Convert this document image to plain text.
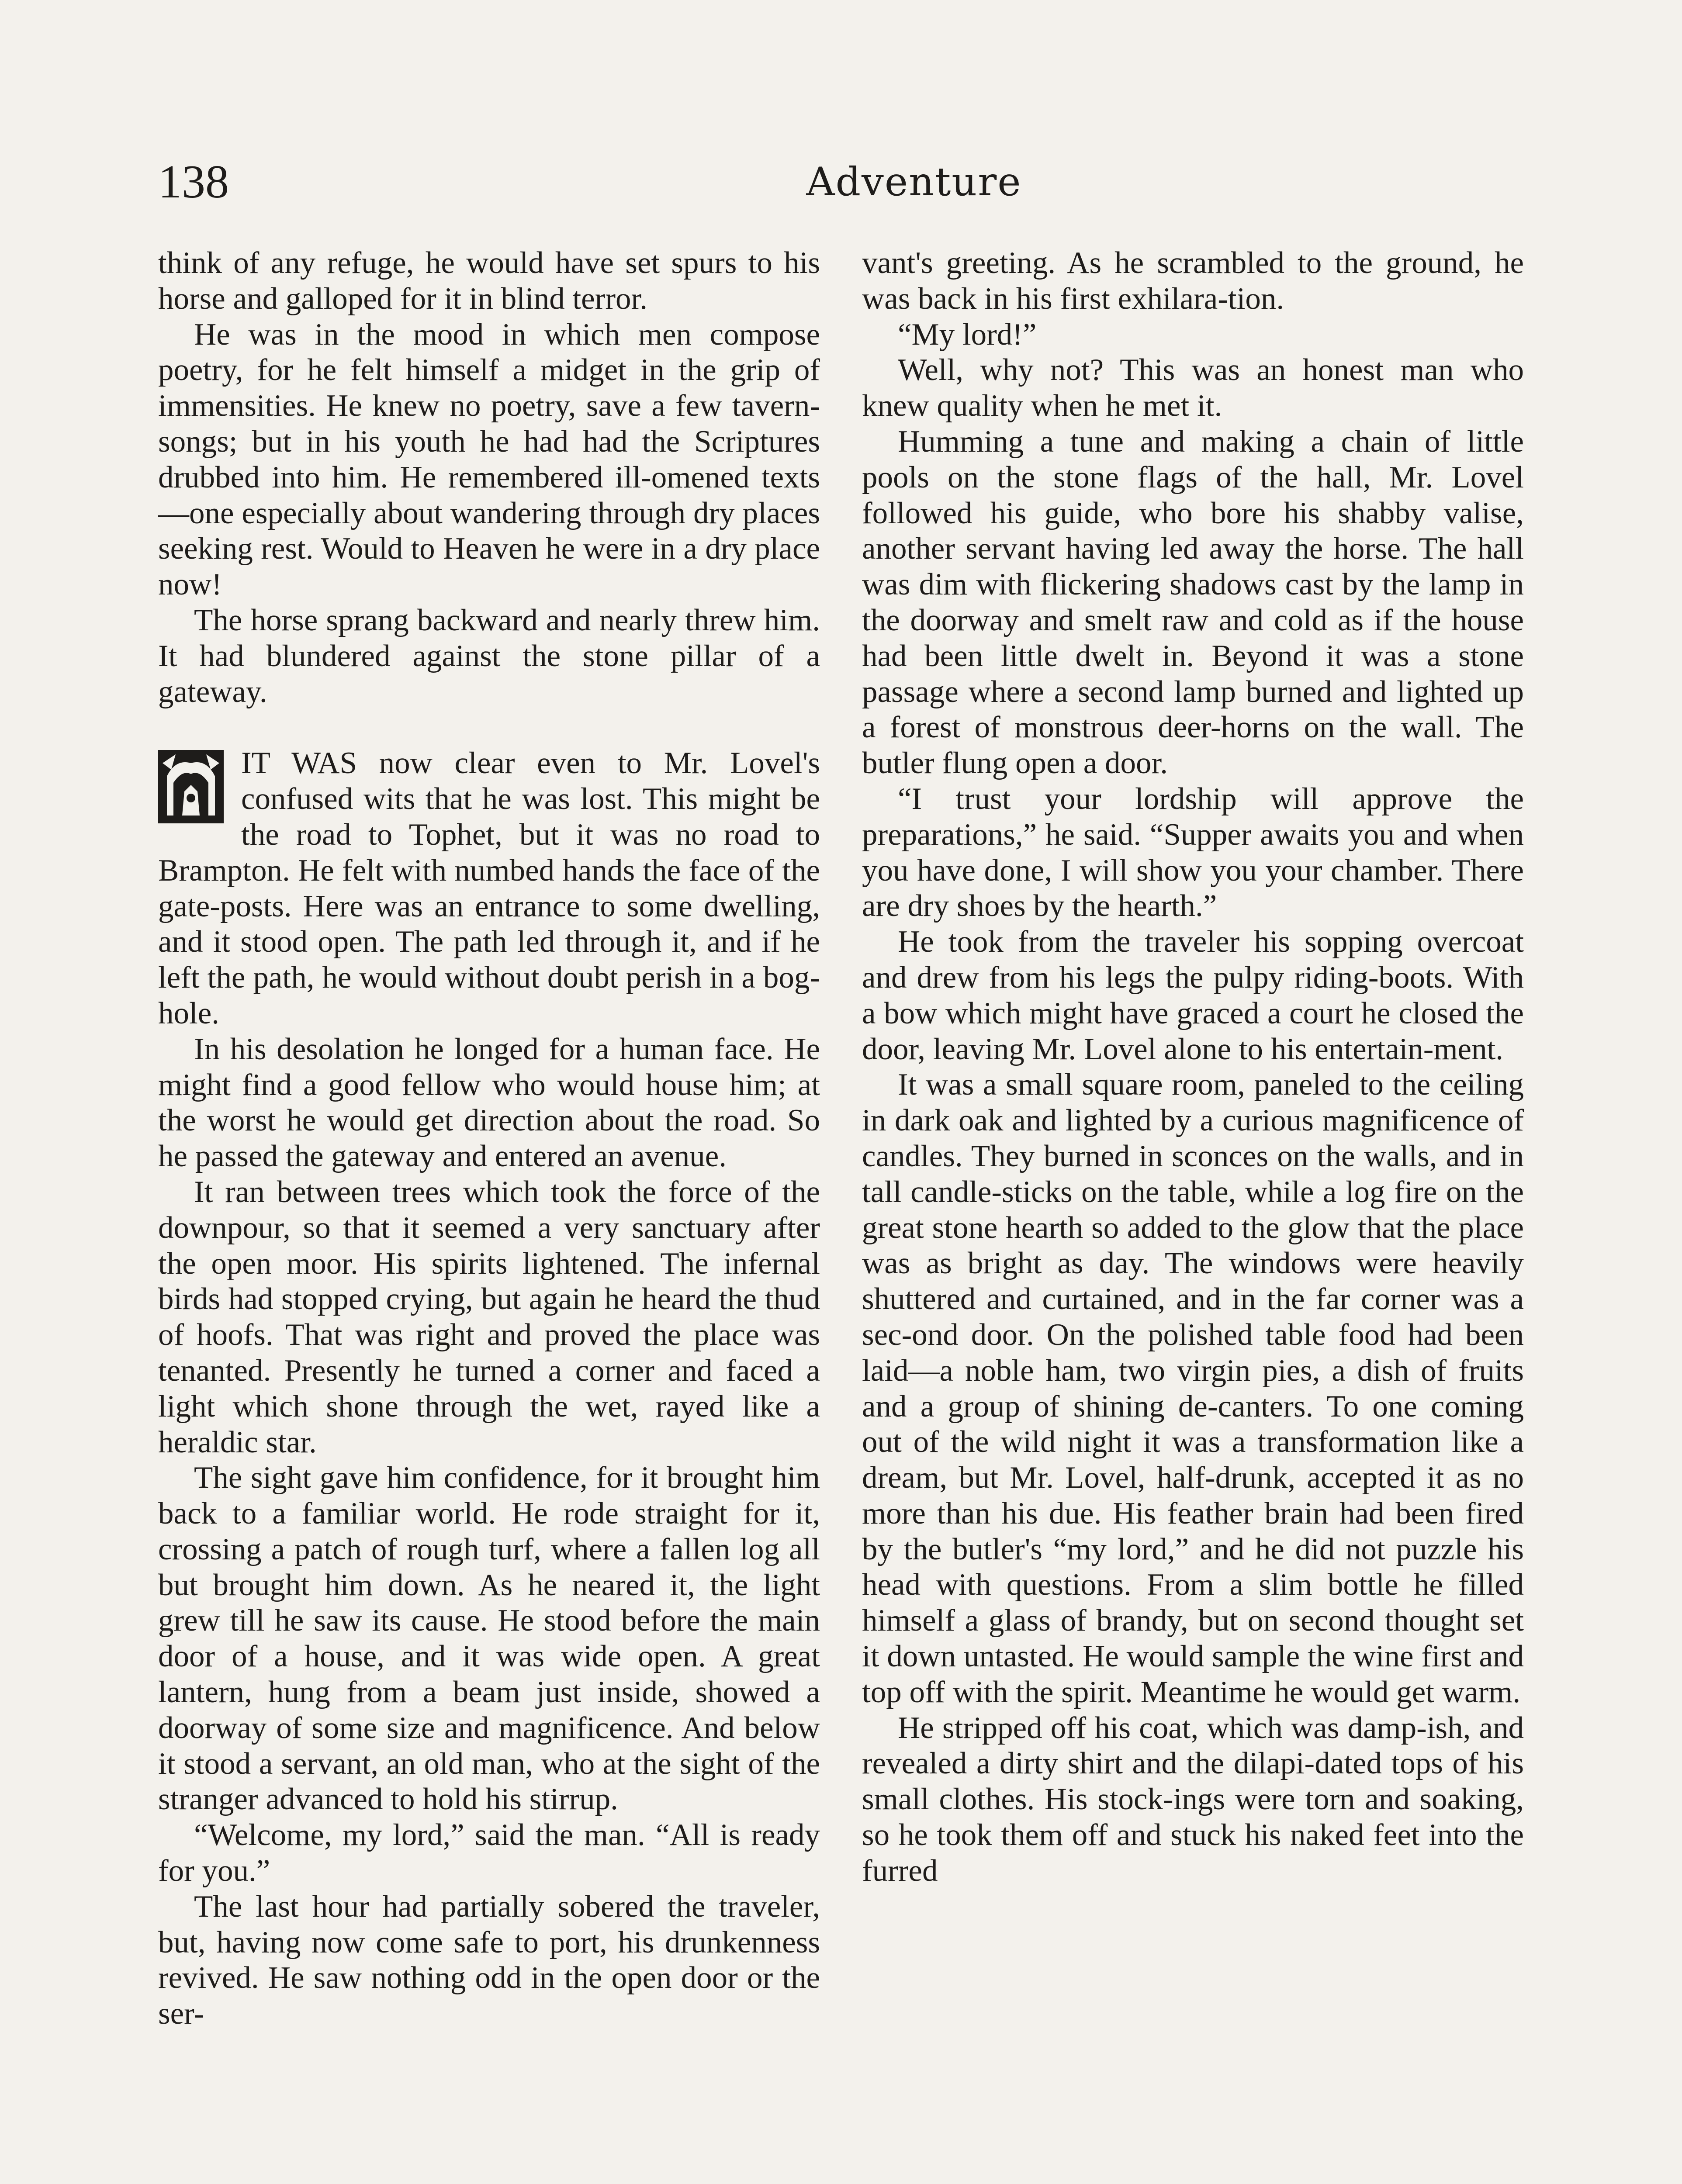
138	Adventure

think of any refuge, he would have set spurs to his horse and galloped for it in blind terror.

He was in the mood in which men compose poetry, for he felt himself a midget in the grip of immensities. He knew no poetry, save a few tavern-songs; but in his youth he had had the Scriptures drubbed into him. He remembered ill-omened texts —one especially about wandering through dry places seeking rest. Would to Heaven he were in a dry place now!

The horse sprang backward and nearly threw him. It had blundered against the stone pillar of a gateway.

IT WAS now clear even to Mr. Lovel's confused wits that he was lost. This might be the road to Tophet, but it was no road to Brampton. He felt with numbed hands the face of the gate-posts. Here was an entrance to some dwelling, and it stood open. The path led through it, and if he left the path, he would without doubt perish in a bog-hole.

In his desolation he longed for a human face. He might find a good fellow who would house him; at the worst he would get direction about the road. So he passed the gateway and entered an avenue.

It ran between trees which took the force of the downpour, so that it seemed a very sanctuary after the open moor. His spirits lightened. The infernal birds had stopped crying, but again he heard the thud of hoofs. That was right and proved the place was tenanted. Presently he turned a corner and faced a light which shone through the wet, rayed like a heraldic star.

The sight gave him confidence, for it brought him back to a familiar world. He rode straight for it, crossing a patch of rough turf, where a fallen log all but brought him down. As he neared it, the light grew till he saw its cause. He stood before the main door of a house, and it was wide open. A great lantern, hung from a beam just inside, showed a doorway of some size and magnificence. And below it stood a servant, an old man, who at the sight of the stranger advanced to hold his stirrup.

“Welcome, my lord,” said the man. “All is ready for you.”

The last hour had partially sobered the traveler, but, having now come safe to port, his drunkenness revived. He saw nothing odd in the open door or the ser-

vant's greeting. As he scrambled to the ground, he was back in his first exhilara-tion.

“My lord!”

Well, why not? This was an honest man who knew quality when he met it.

Humming a tune and making a chain of little pools on the stone flags of the hall, Mr. Lovel followed his guide, who bore his shabby valise, another servant having led away the horse. The hall was dim with flickering shadows cast by the lamp in the doorway and smelt raw and cold as if the house had been little dwelt in. Beyond it was a stone passage where a second lamp burned and lighted up a forest of monstrous deer-horns on the wall. The butler flung open a door.

“I trust your lordship will approve the preparations,” he said. “Supper awaits you and when you have done, I will show you your chamber. There are dry shoes by the hearth.”

He took from the traveler his sopping overcoat and drew from his legs the pulpy riding-boots. With a bow which might have graced a court he closed the door, leaving Mr. Lovel alone to his entertain-ment.

It was a small square room, paneled to the ceiling in dark oak and lighted by a curious magnificence of candles. They burned in sconces on the walls, and in tall candle-sticks on the table, while a log fire on the great stone hearth so added to the glow that the place was as bright as day. The windows were heavily shuttered and curtained, and in the far corner was a sec-ond door. On the polished table food had been laid—a noble ham, two virgin pies, a dish of fruits and a group of shining de-canters. To one coming out of the wild night it was a transformation like a dream, but Mr. Lovel, half-drunk, accepted it as no more than his due. His feather brain had been fired by the butler's “my lord,” and he did not puzzle his head with questions. From a slim bottle he filled himself a glass of brandy, but on second thought set it down untasted. He would sample the wine first and top off with the spirit. Meantime he would get warm.

He stripped off his coat, which was damp-ish, and revealed a dirty shirt and the dilapi-dated tops of his small clothes. His stock-ings were torn and soaking, so he took them off and stuck his naked feet into the furred
